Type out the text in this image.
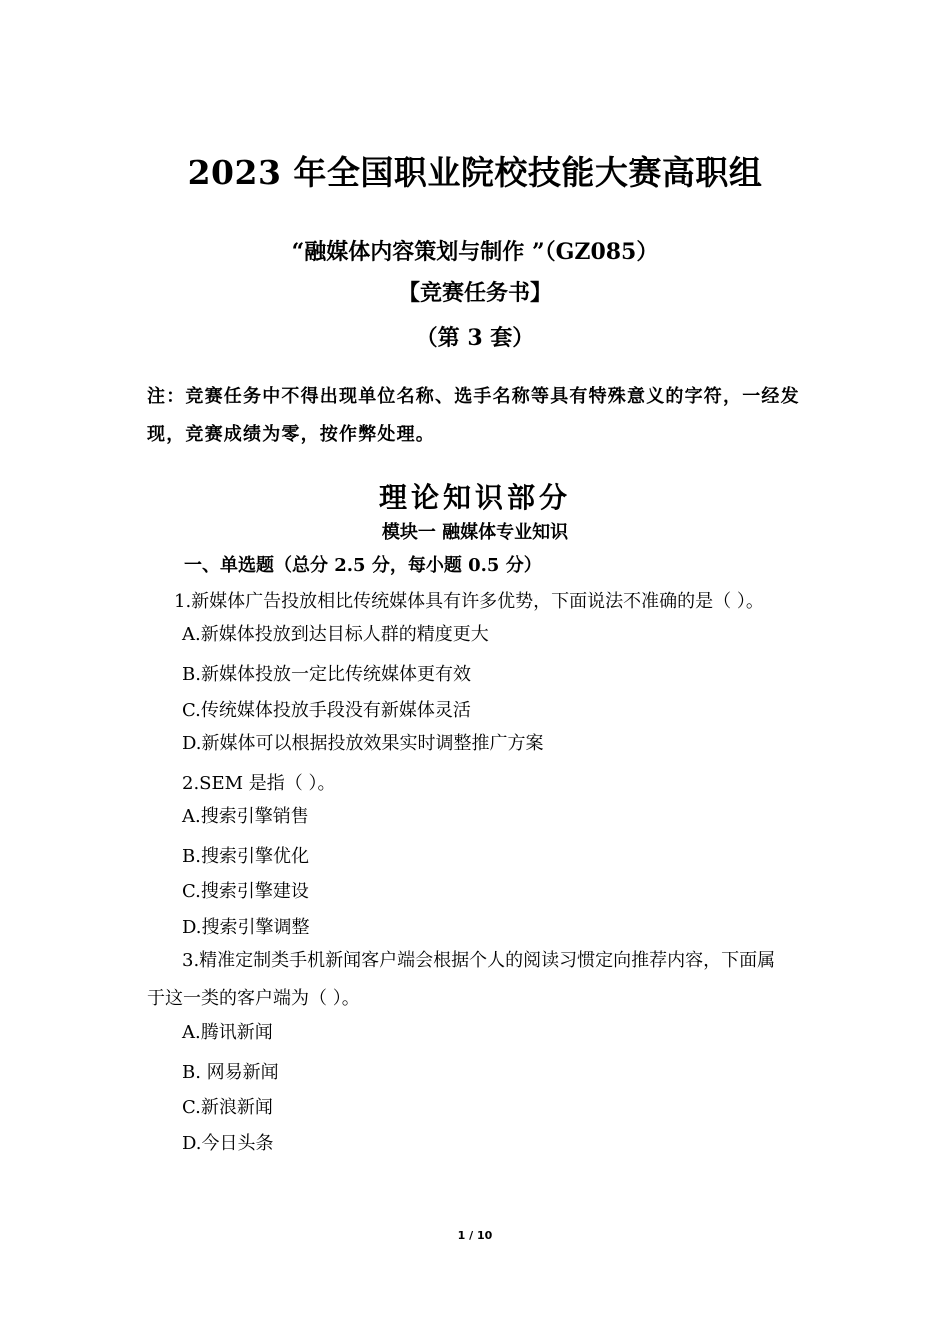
2023 年全国职业院校技能大赛高职组
“融媒体内容策划与制作 ”（GZ085）
【竞赛任务书】
（第 3 套）
注：竞赛任务中不得出现单位名称、选手名称等具有特殊意义的字符，一经发
现，竞赛成绩为零，按作弊处理。
理论知识部分
模块一 融媒体专业知识
一、单选题（总分 2.5 分，每小题 0.5 分）
1.新媒体广告投放相比传统媒体具有许多优势，下面说法不准确的是（ ）。
A.新媒体投放到达目标人群的精度更大
B.新媒体投放一定比传统媒体更有效
C.传统媒体投放手段没有新媒体灵活
D.新媒体可以根据投放效果实时调整推广方案
2.SEM 是指（ ）。
A.搜索引擎销售
B.搜索引擎优化
C.搜索引擎建设
D.搜索引擎调整
3.精准定制类手机新闻客户端会根据个人的阅读习惯定向推荐内容，下面属
于这一类的客户端为（ ）。
A.腾讯新闻
B. 网易新闻
C.新浪新闻
D.今日头条
1 / 10
